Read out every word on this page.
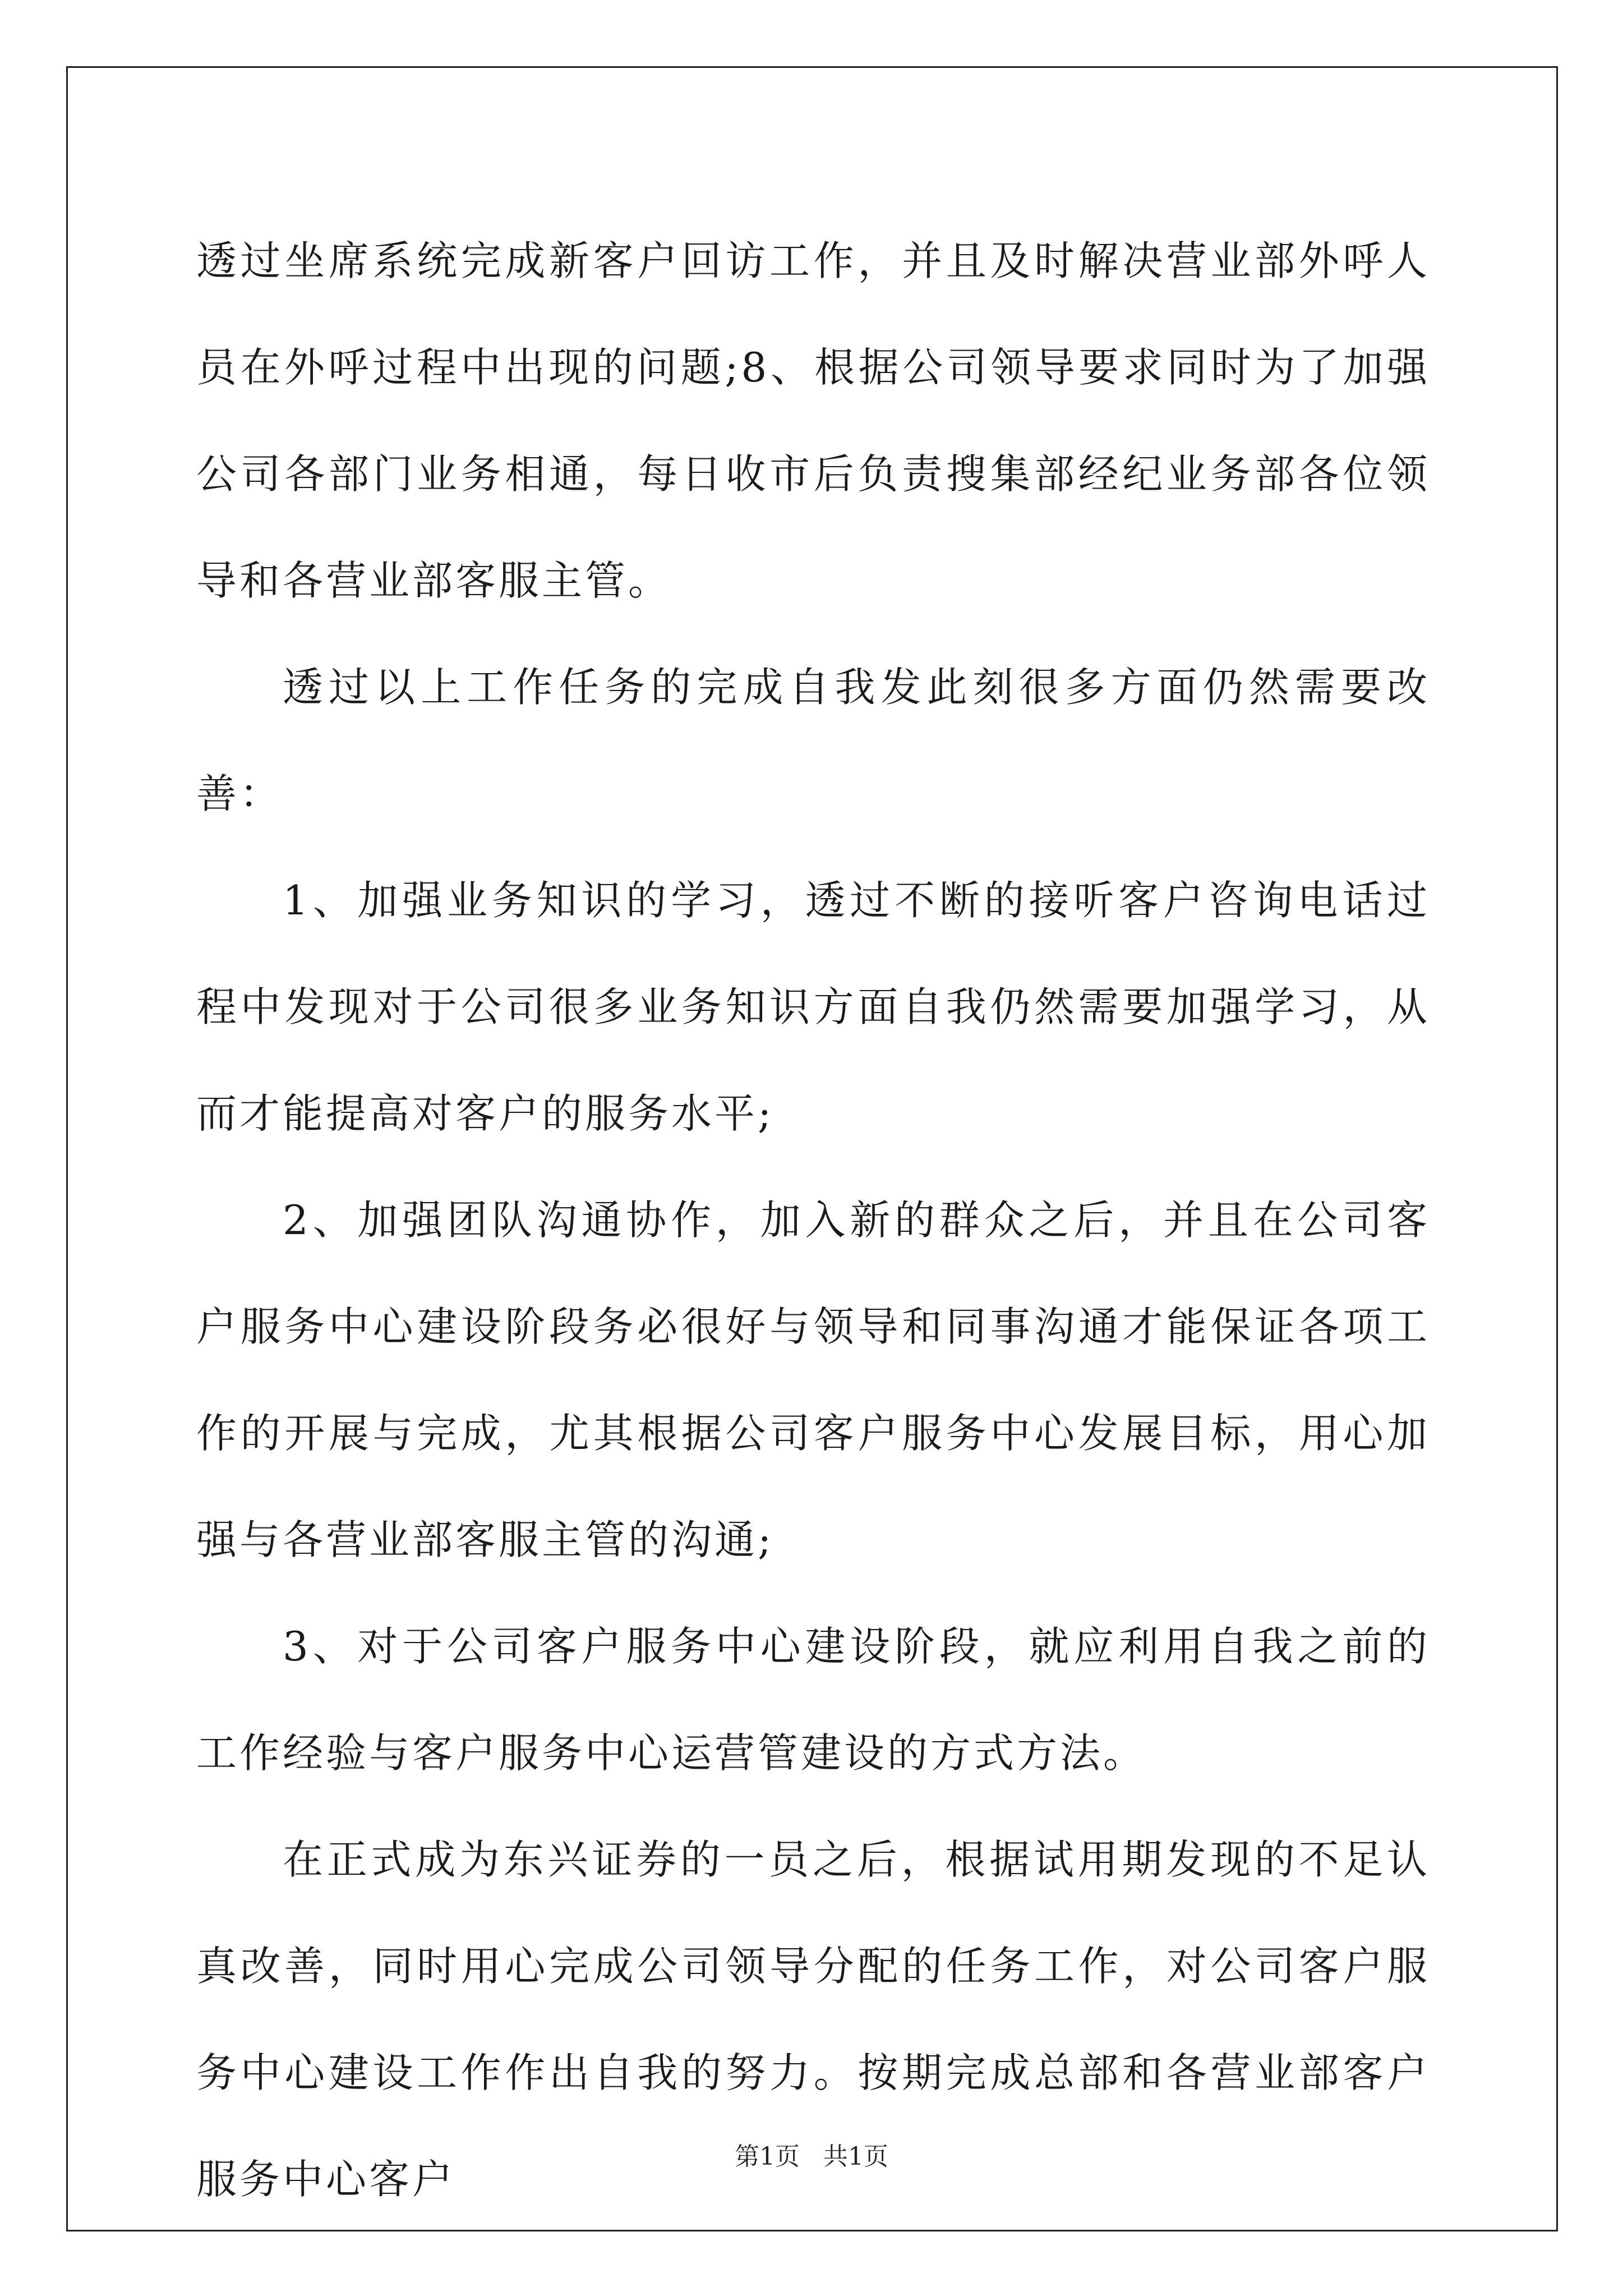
透过坐席系统完成新客户回访工作，并且及时解决营业部外呼人员在外呼过程中出现的问题;8、根据公司领导要求同时为了加强公司各部门业务相通，每日收市后负责搜集部经纪业务部各位领导和各营业部客服主管。

透过以上工作任务的完成自我发此刻很多方面仍然需要改善：

1、加强业务知识的学习，透过不断的接听客户咨询电话过程中发现对于公司很多业务知识方面自我仍然需要加强学习，从而才能提高对客户的服务水平;

2、加强团队沟通协作，加入新的群众之后，并且在公司客户服务中心建设阶段务必很好与领导和同事沟通才能保证各项工作的开展与完成，尤其根据公司客户服务中心发展目标，用心加强与各营业部客服主管的沟通;

3、对于公司客户服务中心建设阶段，就应利用自我之前的工作经验与客户服务中心运营管建设的方式方法。

在正式成为东兴证券的一员之后，根据试用期发现的不足认真改善，同时用心完成公司领导分配的任务工作，对公司客户服务中心建设工作作出自我的努力。按期完成总部和各营业部客户服务中心客户	第1页 共1页
